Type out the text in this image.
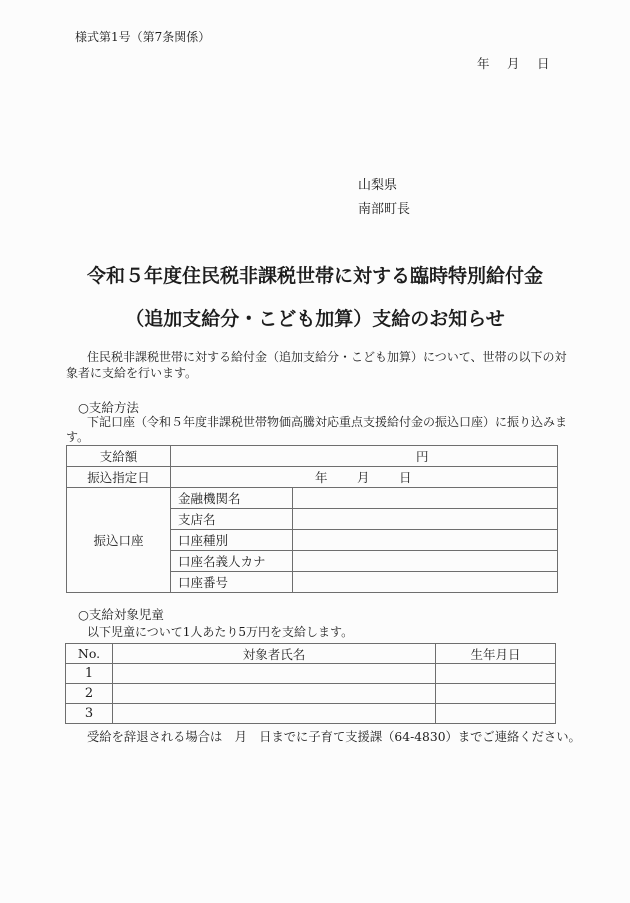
様式第1号（第7条関係）
年　月　日
山梨県
南部町長
令和５年度住民税非課税世帯に対する臨時特別給付金
（追加支給分・こども加算）支給のお知らせ

住民税非課税世帯に対する給付金（追加支給分・こども加算）について、世帯の以下の対象者に支給を行います。

○支給方法

下記口座（令和５年度非課税世帯物価高騰対応重点支援給付金の振込口座）に振り込みます。

支給額	円	
振込指定日	年　　月　　日	
振込口座	金融機関名	
	支店名	
	口座種別	
	口座名義人カナ	
	口座番号	
○支給対象児童
以下児童について1人あたり5万円を支給します。
No.	対象者氏名	生年月日
1		
2		
3		
受給を辞退される場合は　月　日までに子育て支援課（64-4830）までご連絡ください。
